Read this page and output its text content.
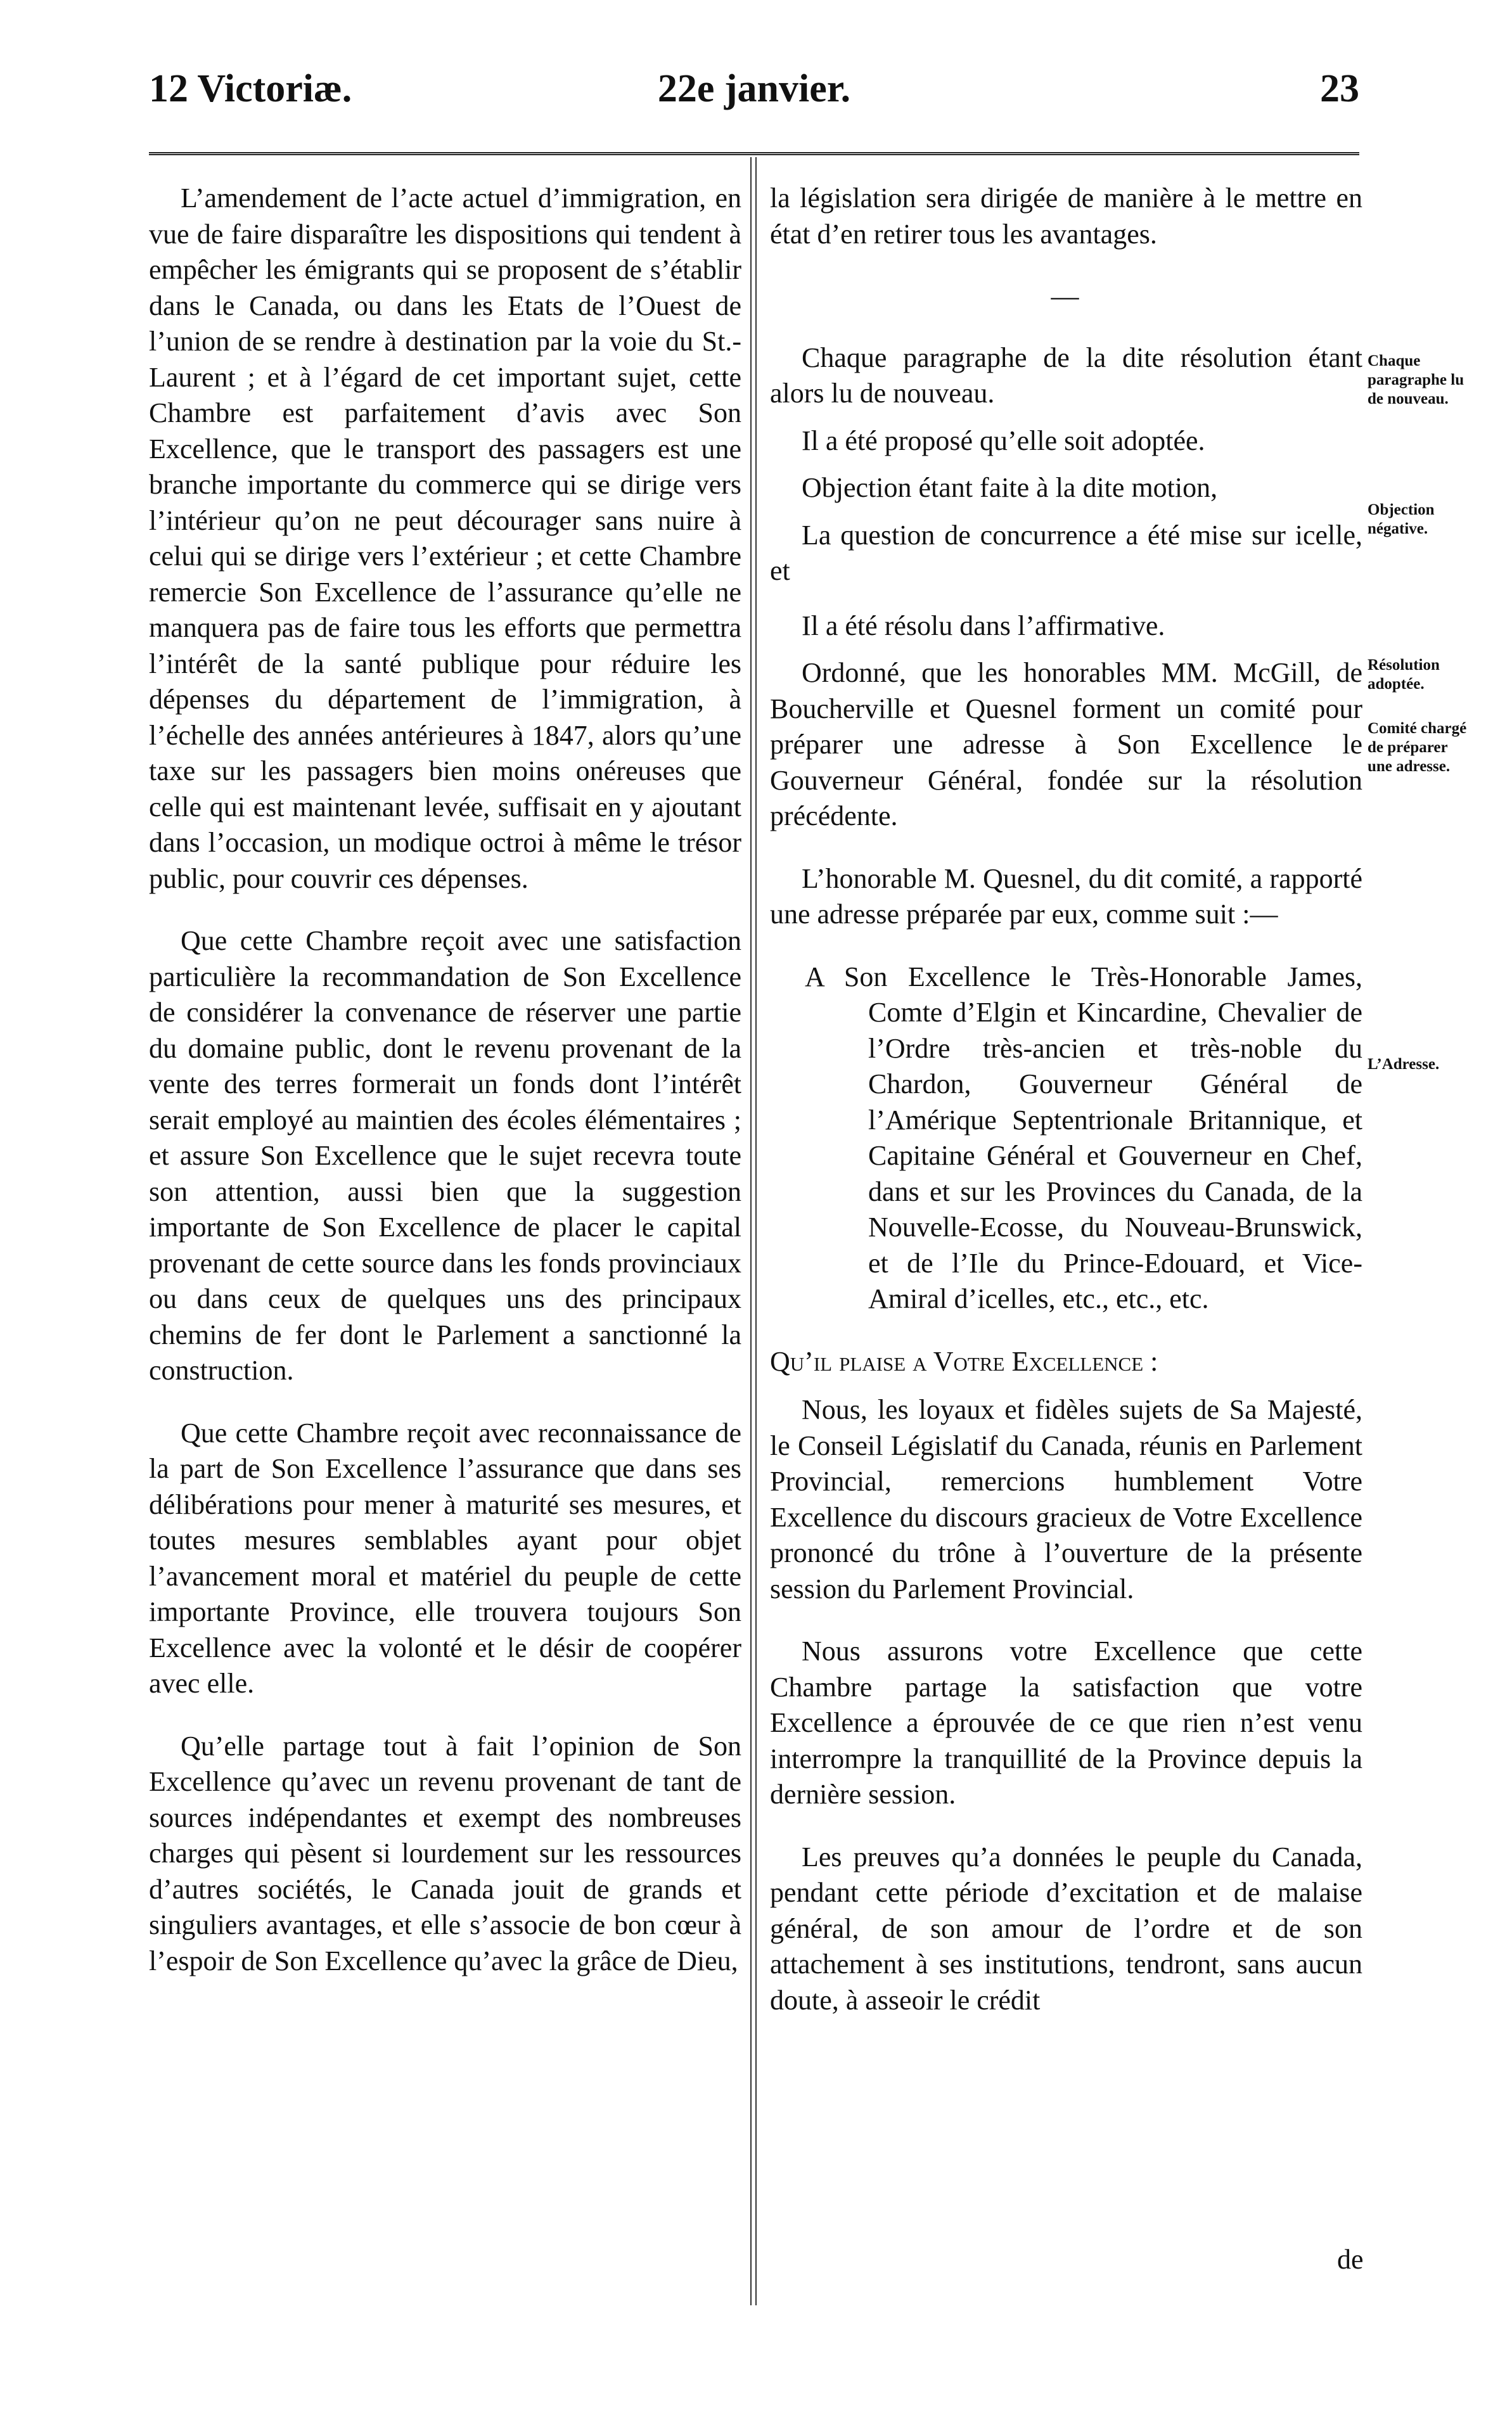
12 Victoriæ.	22e janvier.	23

L’amendement de l’acte actuel d’immigration, en vue de faire disparaître les dispositions qui tendent à empêcher les émigrants qui se proposent de s’établir dans le Canada, ou dans les Etats de l’Ouest de l’union de se rendre à destination par la voie du St.-Laurent ; et à l’égard de cet important sujet, cette Chambre est parfaitement d’avis avec Son Excellence, que le transport des passagers est une branche importante du commerce qui se dirige vers l’intérieur qu’on ne peut décourager sans nuire à celui qui se dirige vers l’extérieur ; et cette Chambre remercie Son Excellence de l’assurance qu’elle ne manquera pas de faire tous les efforts que permettra l’intérêt de la santé publique pour réduire les dépenses du département de l’immigration, à l’échelle des années antérieures à 1847, alors qu’une taxe sur les passagers bien moins onéreuses que celle qui est maintenant levée, suffisait en y ajoutant dans l’occasion, un modique octroi à même le trésor public, pour couvrir ces dépenses.

Que cette Chambre reçoit avec une satisfaction particulière la recommandation de Son Excellence de considérer la convenance de réserver une partie du domaine public, dont le revenu provenant de la vente des terres formerait un fonds dont l’intérêt serait employé au maintien des écoles élémentaires ; et assure Son Excellence que le sujet recevra toute son attention, aussi bien que la suggestion importante de Son Excellence de placer le capital provenant de cette source dans les fonds provinciaux ou dans ceux de quelques uns des principaux chemins de fer dont le Parlement a sanctionné la construction.

Que cette Chambre reçoit avec reconnaissance de la part de Son Excellence l’assurance que dans ses délibérations pour mener à maturité ses mesures, et toutes mesures semblables ayant pour objet l’avancement moral et matériel du peuple de cette importante Province, elle trouvera toujours Son Excellence avec la volonté et le désir de coopérer avec elle.

Qu’elle partage tout à fait l’opinion de Son Excellence qu’avec un revenu provenant de tant de sources indépendantes et exempt des nombreuses charges qui pèsent si lourdement sur les ressources d’autres sociétés, le Canada jouit de grands et singuliers avantages, et elle s’associe de bon cœur à l’espoir de Son Excellence qu’avec la grâce de Dieu,

la législation sera dirigée de manière à le mettre en état d’en retirer tous les avantages.

—

Chaque paragraphe de la dite résolution étant alors lu de nouveau.

Il a été proposé qu’elle soit adoptée.

Objection étant faite à la dite motion,

La question de concurrence a été mise sur icelle, et

Il a été résolu dans l’affirmative.

Ordonné, que les honorables MM. McGill, de Boucherville et Quesnel forment un comité pour préparer une adresse à Son Excellence le Gouverneur Général, fondée sur la résolution précédente.

L’honorable M. Quesnel, du dit comité, a rapporté une adresse préparée par eux, comme suit :—

A Son Excellence le Très-Honorable James, Comte d’Elgin et Kincardine, Chevalier de l’Ordre très-ancien et très-noble du Chardon, Gouverneur Général de l’Amérique Septentrionale Britannique, et Capitaine Général et Gouverneur en Chef, dans et sur les Provinces du Canada, de la Nouvelle-Ecosse, du Nouveau-Brunswick, et de l’Ile du Prince-Edouard, et Vice-Amiral d’icelles, etc., etc., etc.

Qu’il plaise a Votre Excellence :

Nous, les loyaux et fidèles sujets de Sa Majesté, le Conseil Législatif du Canada, réunis en Parlement Provincial, remercions humblement Votre Excellence du discours gracieux de Votre Excellence prononcé du trône à l’ouverture de la présente session du Parlement Provincial.

Nous assurons votre Excellence que cette Chambre partage la satisfaction que votre Excellence a éprouvée de ce que rien n’est venu interrompre la tranquillité de la Province depuis la dernière session.

Les preuves qu’a données le peuple du Canada, pendant cette période d’excitation et de malaise général, de son amour de l’ordre et de son attachement à ses institutions, tendront, sans aucun doute, à asseoir le crédit

de
Chaque paragraphe lu de nouveau.
Objection négative.
Résolution adoptée.
Comité chargé de préparer une adresse.
L’Adresse.
